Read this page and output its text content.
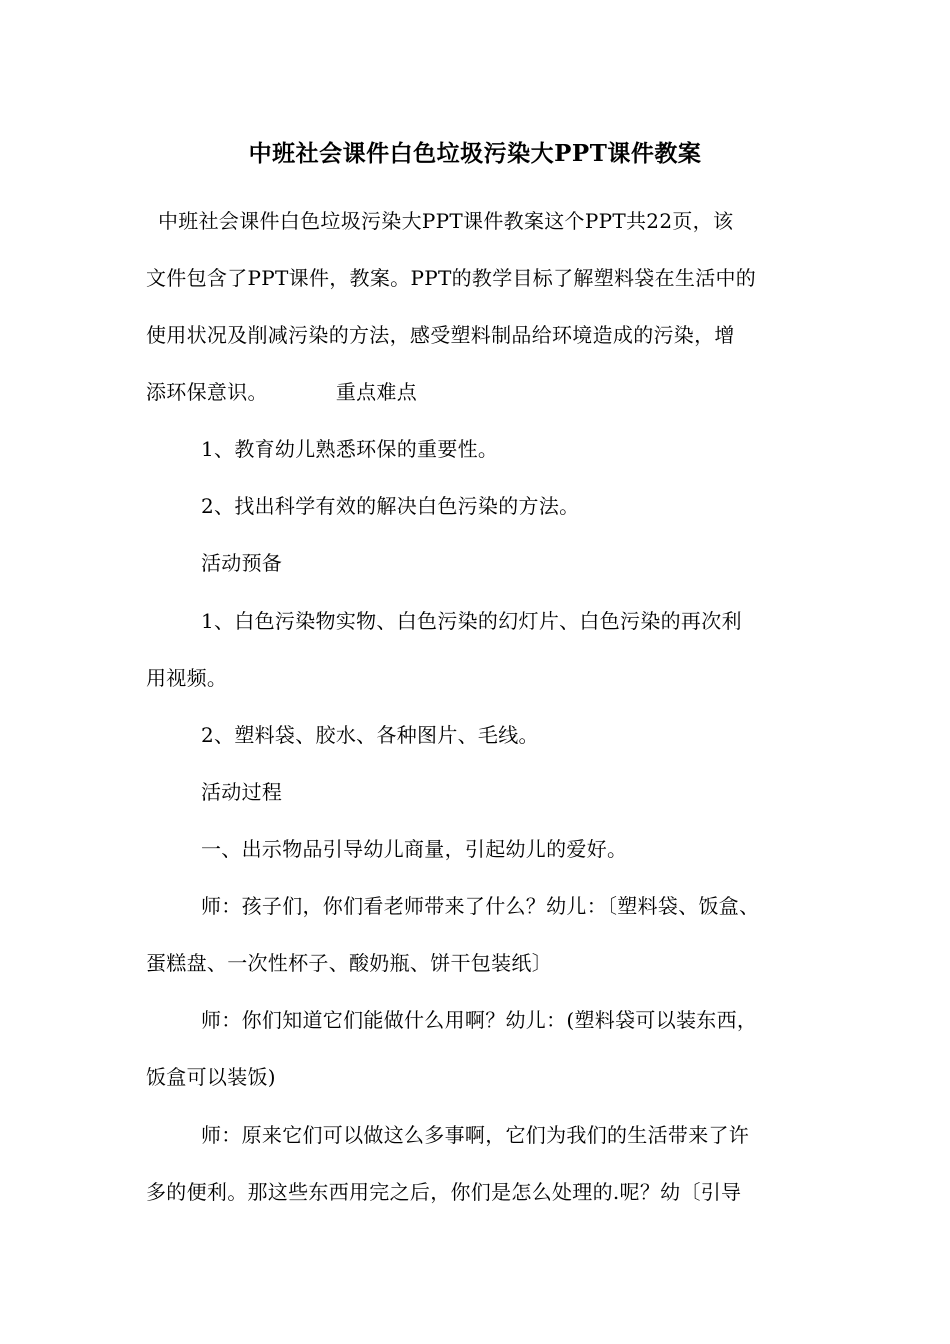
中班社会课件白色垃圾污染大PPT课件教案
中班社会课件白色垃圾污染大PPT课件教案这个PPT共22页，该
文件包含了PPT课件，教案。PPT的教学目标了解塑料袋在生活中的
使用状况及削减污染的方法，感受塑料制品给环境造成的污染，增
添环保意识。	重点难点
1、教育幼儿熟悉环保的重要性。
2、找出科学有效的解决白色污染的方法。
活动预备
1、白色污染物实物、白色污染的幻灯片、白色污染的再次利
用视频。
2、塑料袋、胶水、各种图片、毛线。
活动过程
一、出示物品引导幼儿商量，引起幼儿的爱好。
师：孩子们，你们看老师带来了什么？幼儿：〔塑料袋、饭盒、
蛋糕盘、一次性杯子、酸奶瓶、饼干包装纸〕
师：你们知道它们能做什么用啊？幼儿：(塑料袋可以装东西，
饭盒可以装饭)
师：原来它们可以做这么多事啊，它们为我们的生活带来了许
多的便利。那这些东西用完之后，你们是怎么处理的.呢？幼〔引导
